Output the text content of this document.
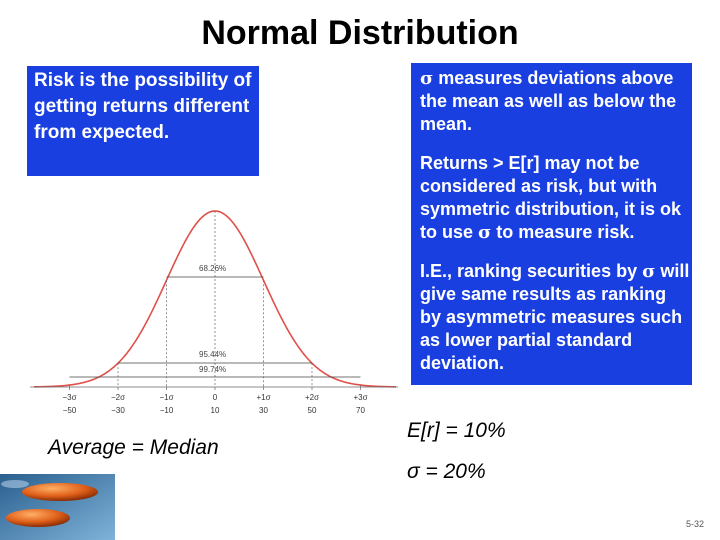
Normal Distribution
Risk is the possibility of getting returns different from expected.

σ measures deviations above the mean as well as below the mean.

Returns > E[r] may not be considered as risk, but with symmetric distribution, it is ok to use σ to measure risk.

I.E., ranking securities by σ will give same results as ranking by asymmetric measures such as lower partial standard deviation.

68.26%
95.44%
99.74%
−3σ	−2σ	−1σ	0	+1σ	+2σ	+3σ
−50	−30	−10	10	30	50	70
Average = Median
E[r] = 10%
σ = 20%
5-32
